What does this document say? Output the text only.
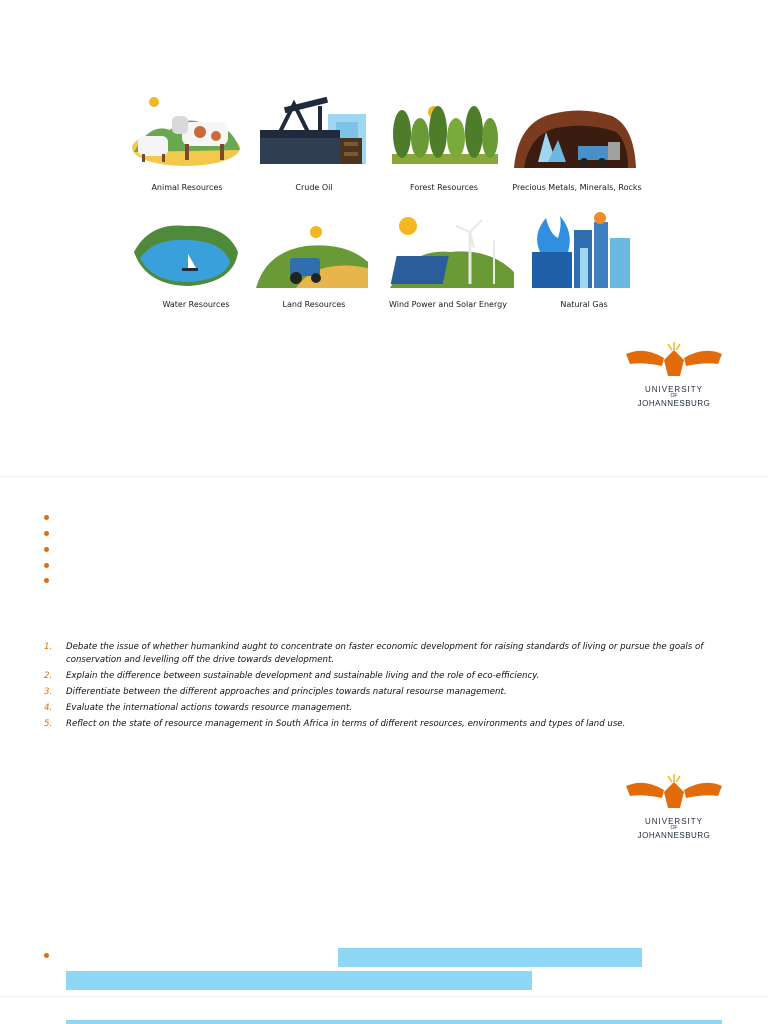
Animal Resources	Crude Oil	Forest Resources	Precious Metals, Minerals, Rocks
Water Resources	Land Resources	Wind Power and Solar Energy	Natural Gas
UNIVERSITY
OF
JOHANNESBURG
UNIVERSITY
OF
JOHANNESBURG
1.	Debate the issue of whether humankind aught to concentrate on faster economic development for raising standards of living or pursue the goals of conservation and levelling off the drive towards development.
2.	Explain the difference between sustainable development and sustainable living and the role of eco-efficiency.
3.	Differentiate between the different approaches and principles towards natural resourse management.
4.	Evaluate the international actions towards resource management.
5.	Reflect on the state of resource management in South Africa in terms of different resources, environments and types of land use.
